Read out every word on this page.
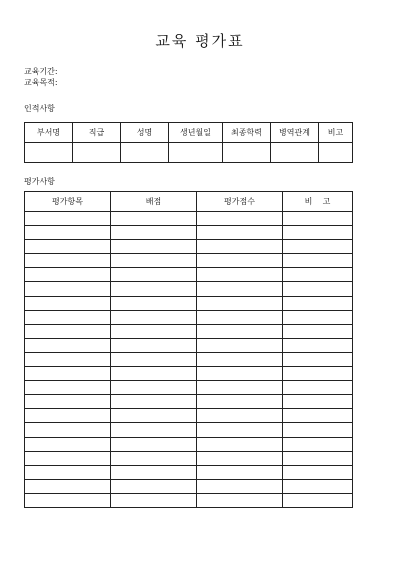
교육 평가표
교육기간:
교육목적:
인적사항
부서명	직급	성명	생년월일	최종학력	병역관계	비고

평가사항
평가항목	배점	평가점수	비    고
